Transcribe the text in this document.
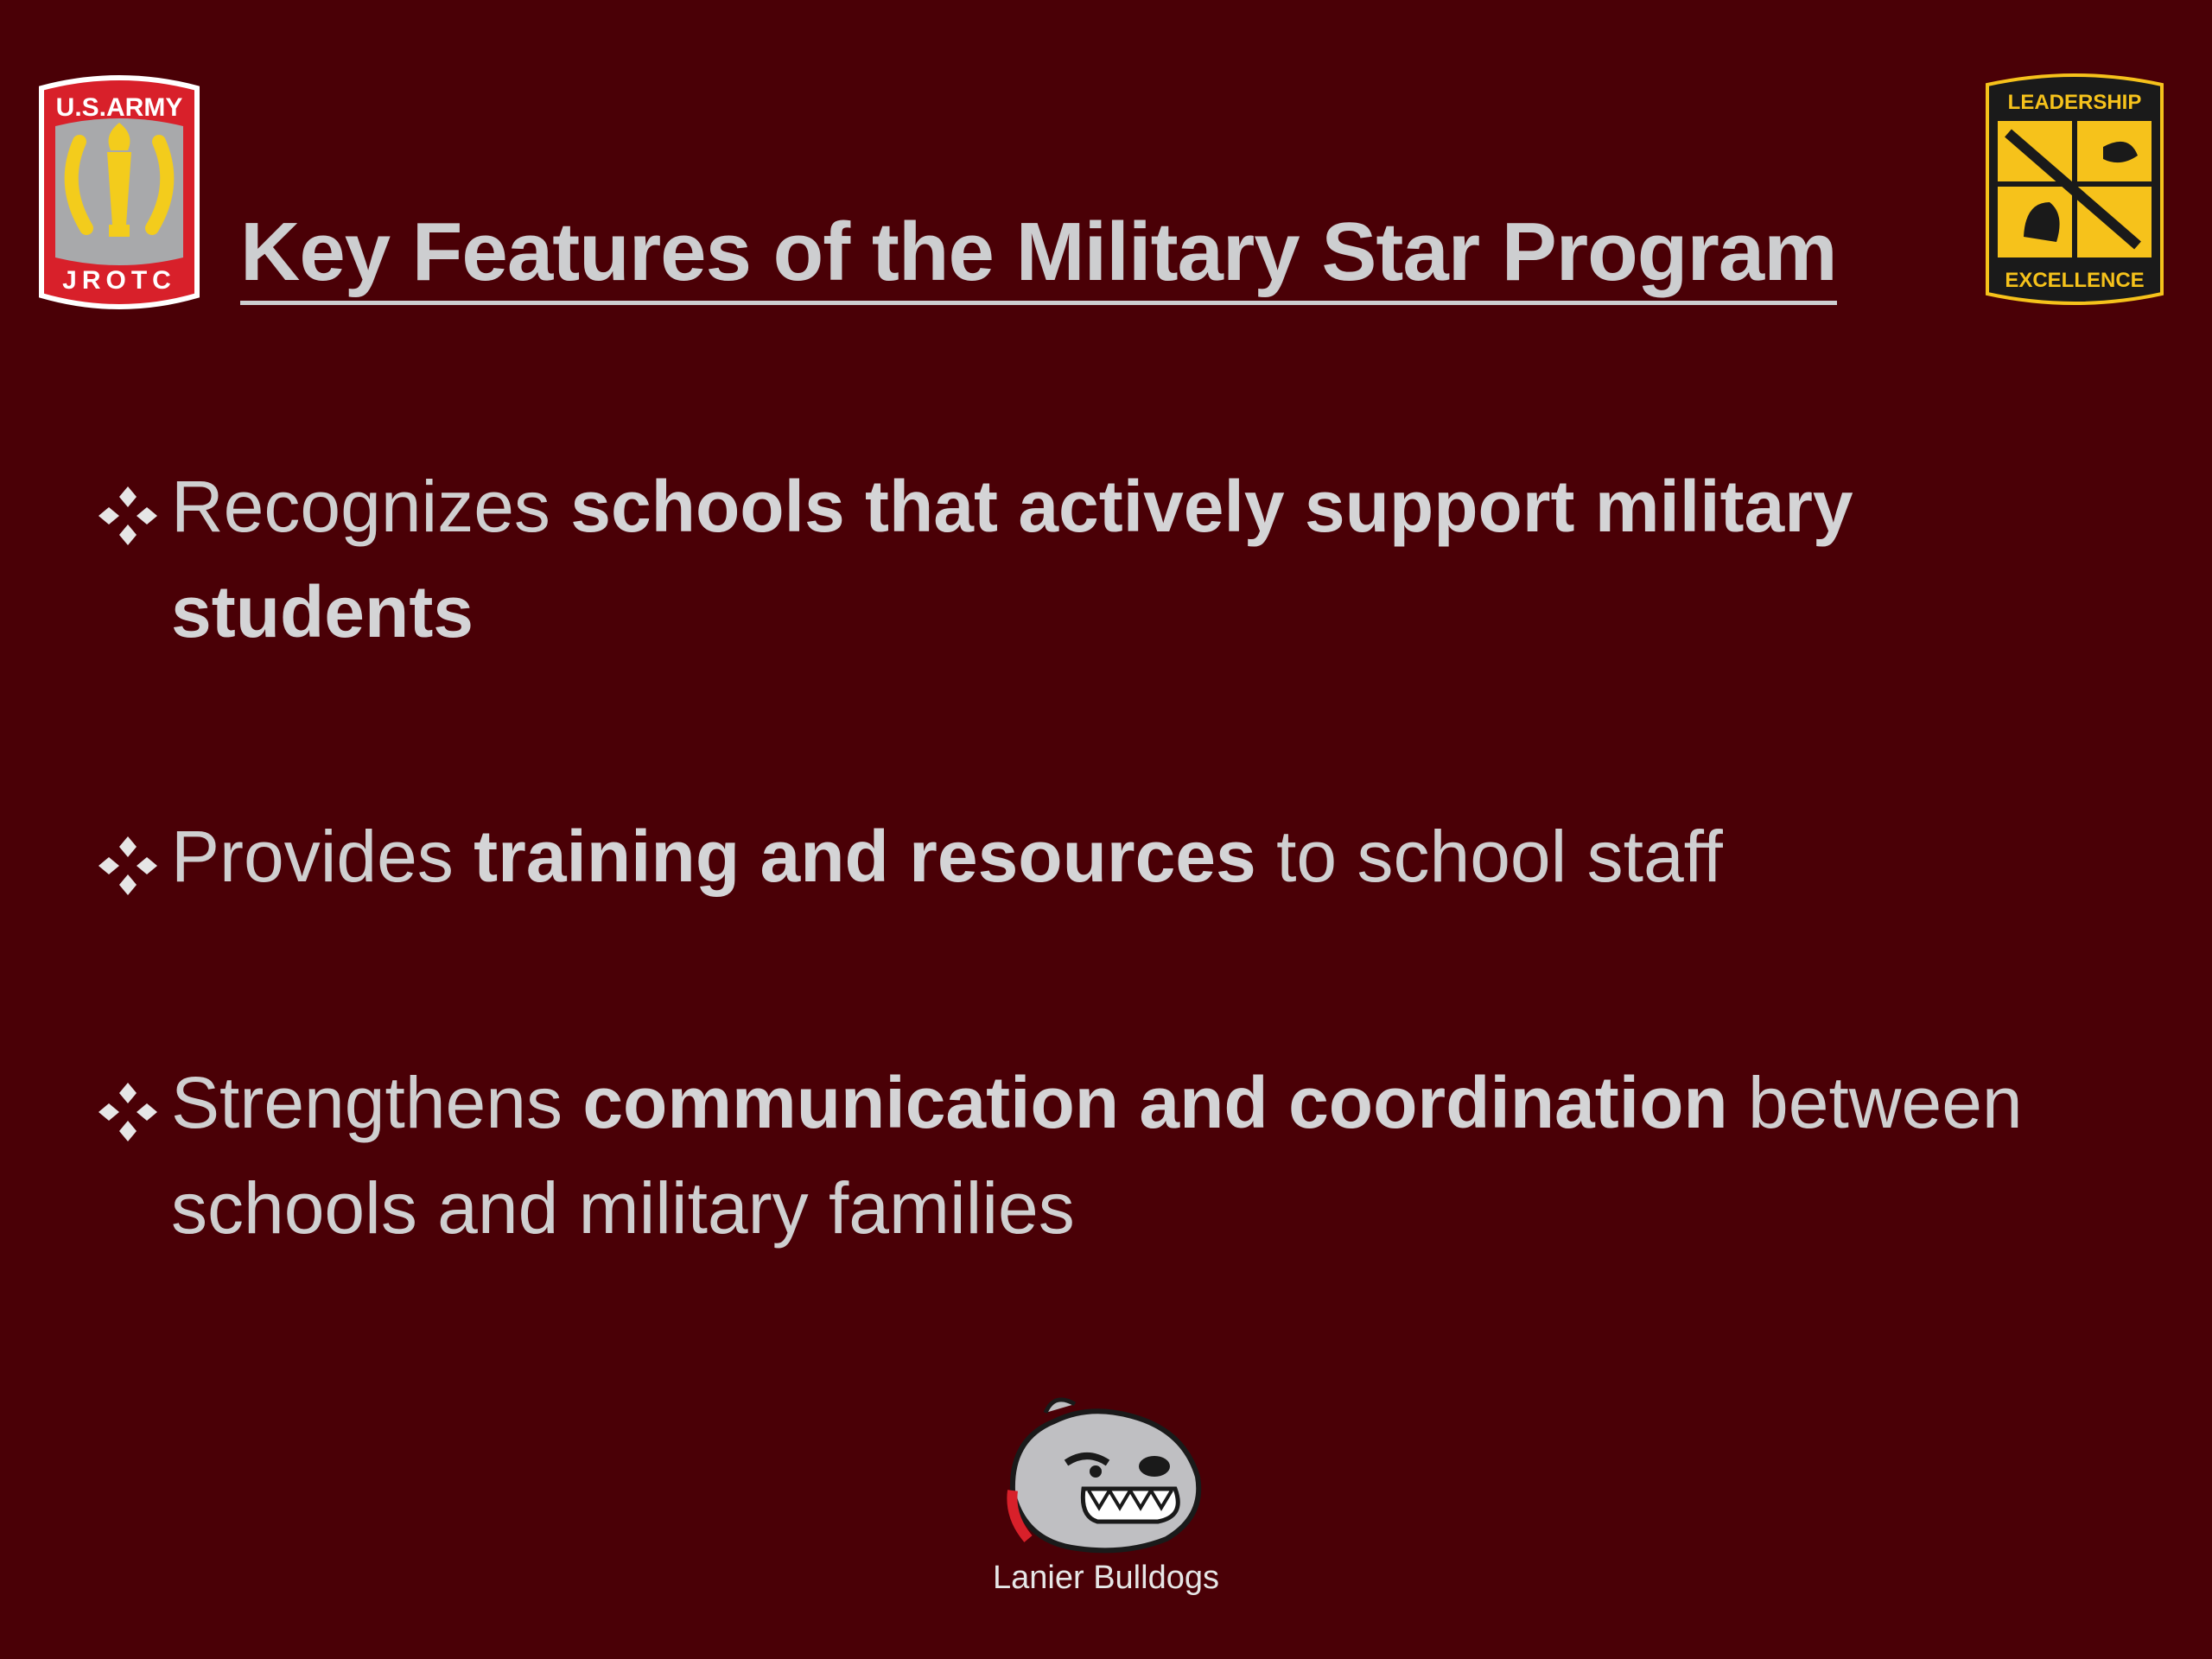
U.S.ARMY
JROTC Key Features of the Military Star Program
LEADERSHIP
EXCELLENCE
Recognizes schools that actively support military students
Provides training and resources to school staff
Strengthens communication and coordination between schools and military families
Lanier Bulldogs
